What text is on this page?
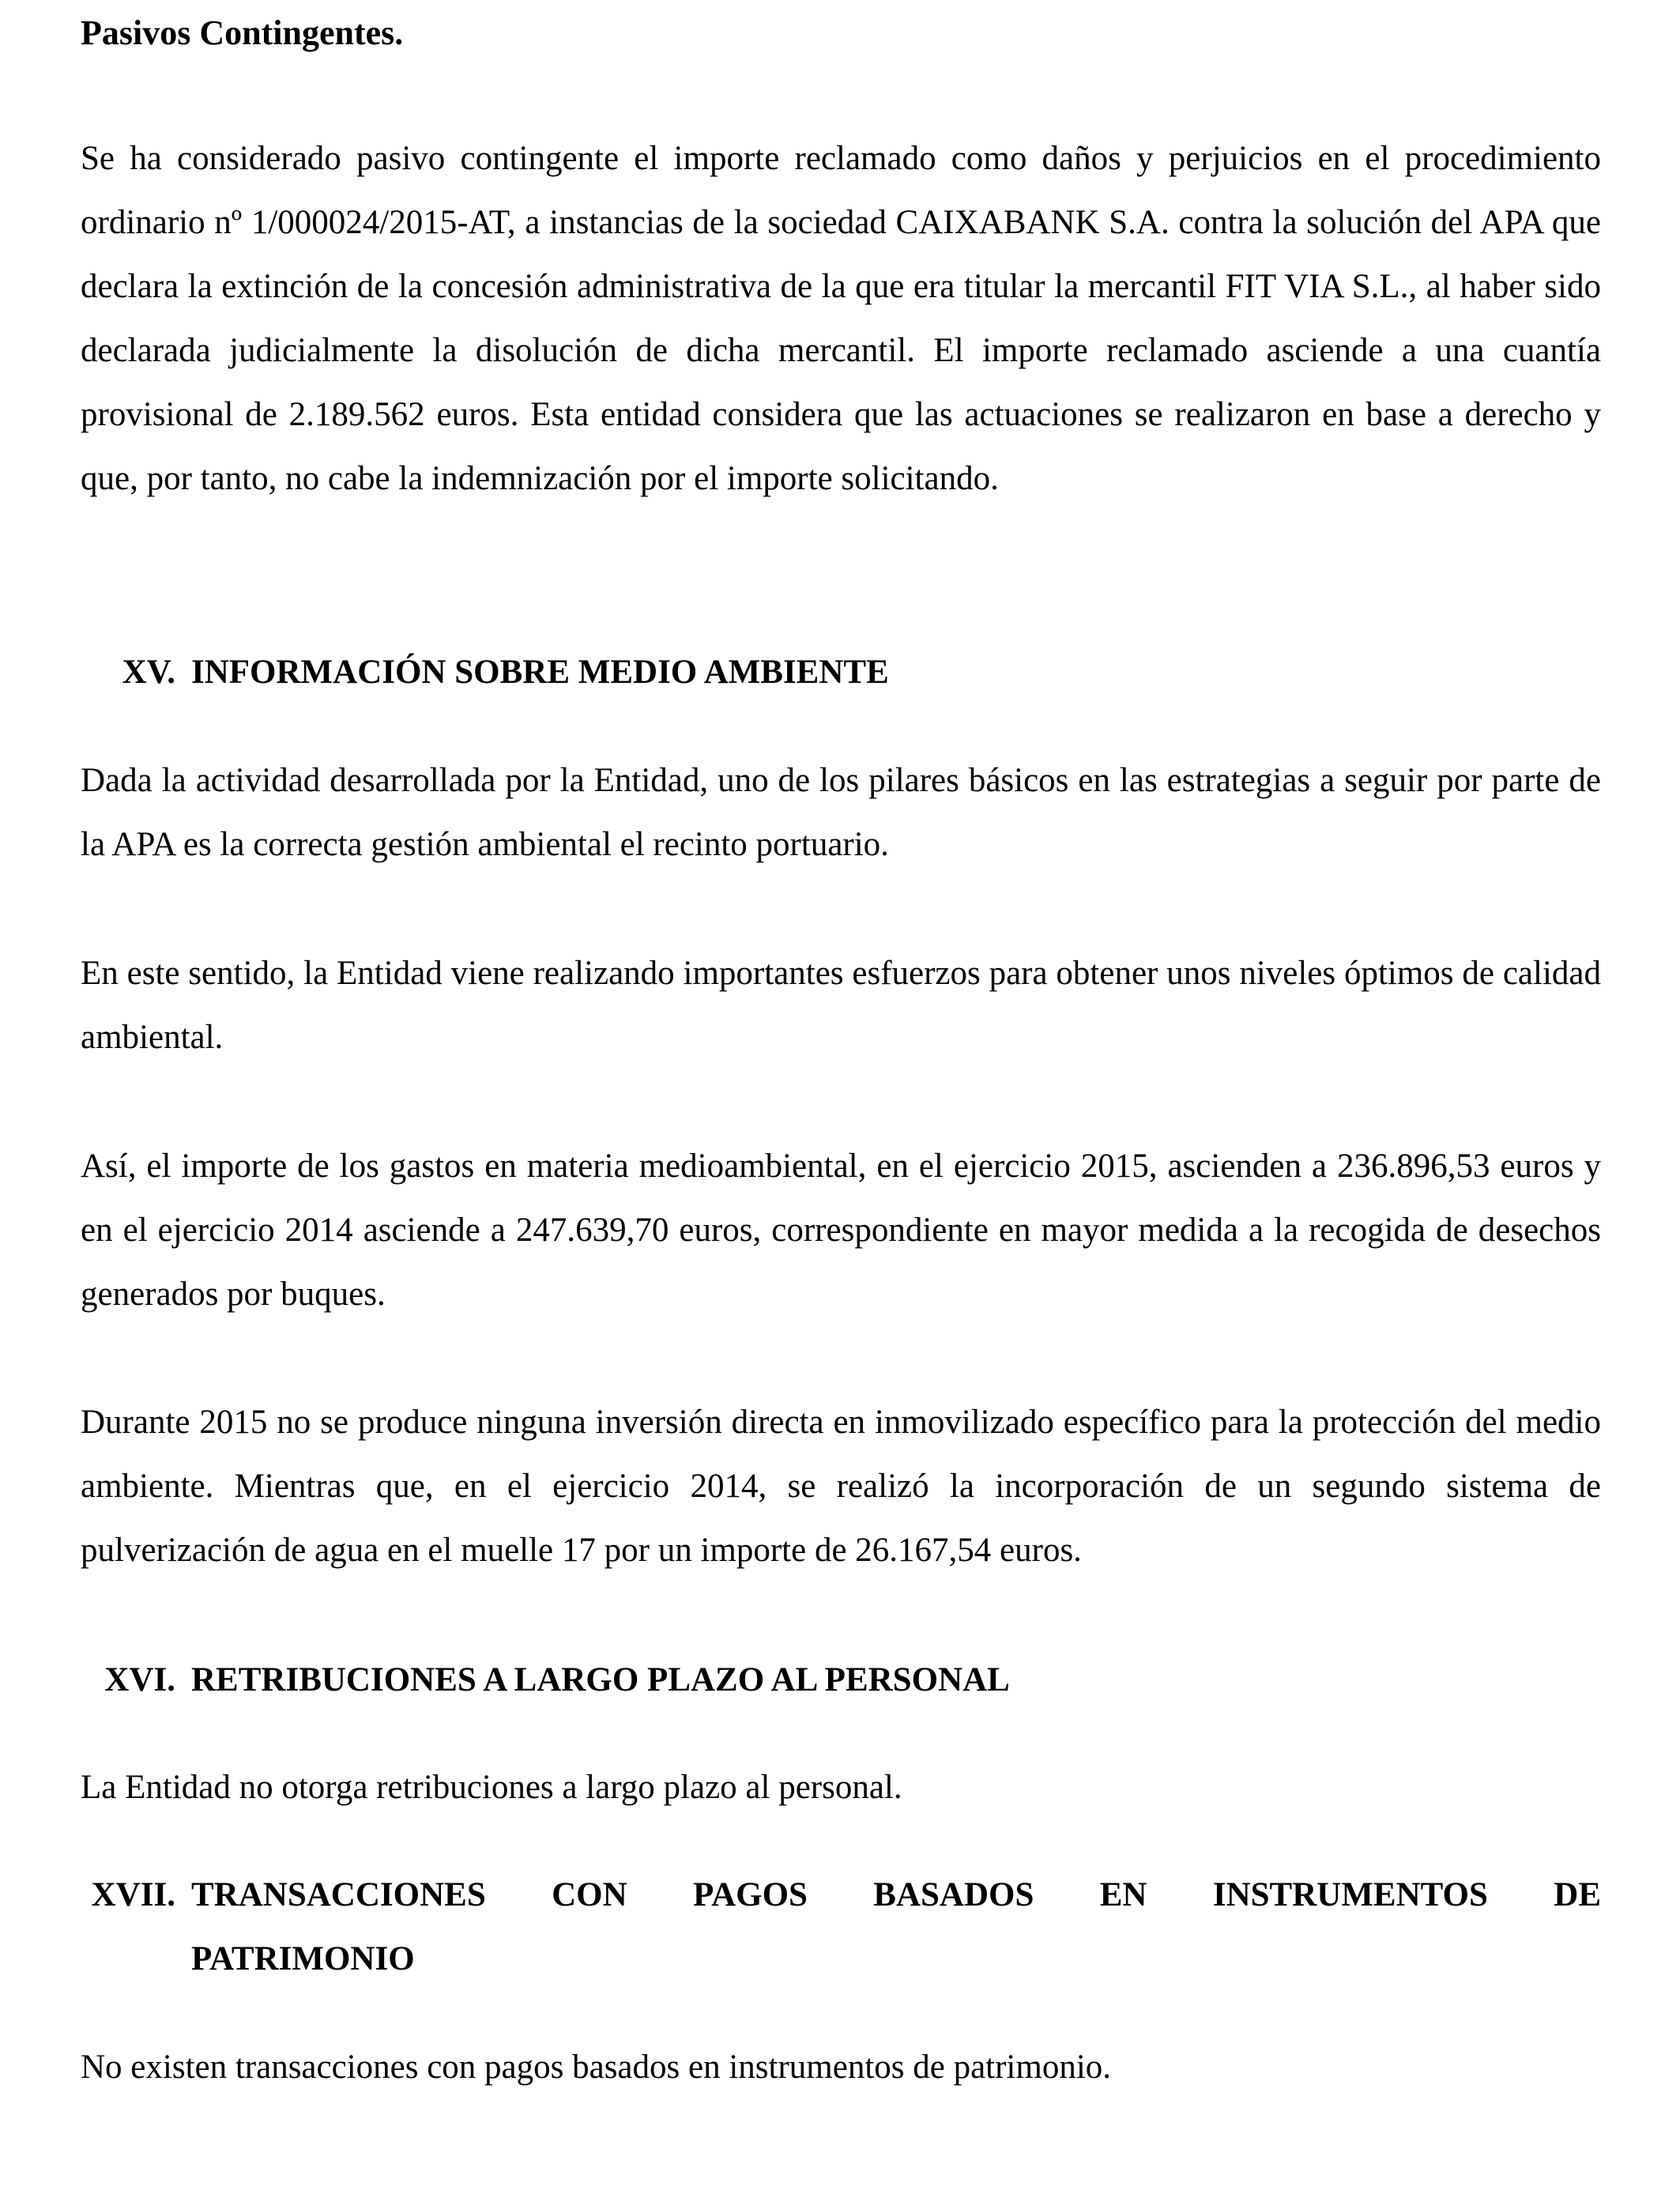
Pasivos Contingentes.

Se ha considerado pasivo contingente el importe reclamado como daños y perjuicios en el procedimiento ordinario nº 1/000024/2015-AT, a instancias de la sociedad CAIXABANK S.A. contra la solución del APA que declara la extinción de la concesión administrativa de la que era titular la mercantil FIT VIA S.L., al haber sido declarada judicialmente la disolución de dicha mercantil. El importe reclamado asciende a una cuantía provisional de 2.189.562 euros. Esta entidad considera que las actuaciones se realizaron en base a derecho y que, por tanto, no cabe la indemnización por el importe solicitando.

XV. INFORMACIÓN SOBRE MEDIO AMBIENTE

Dada la actividad desarrollada por la Entidad, uno de los pilares básicos en las estrategias a seguir por parte de la APA es la correcta gestión ambiental el recinto portuario.

En este sentido, la Entidad viene realizando importantes esfuerzos para obtener unos niveles óptimos de calidad ambiental.

Así, el importe de los gastos en materia medioambiental, en el ejercicio 2015, ascienden a 236.896,53 euros y en el ejercicio 2014 asciende a 247.639,70 euros, correspondiente en mayor medida a la recogida de desechos generados por buques.

Durante 2015 no se produce ninguna inversión directa en inmovilizado específico para la protección del medio ambiente. Mientras que, en el ejercicio 2014, se realizó la incorporación de un segundo sistema de pulverización de agua en el muelle 17 por un importe de 26.167,54 euros.

XVI. RETRIBUCIONES A LARGO PLAZO AL PERSONAL

La Entidad no otorga retribuciones a largo plazo al personal.

XVII. TRANSACCIONES CON PAGOS BASADOS EN INSTRUMENTOS DE
PATRIMONIO

No existen transacciones con pagos basados en instrumentos de patrimonio.
